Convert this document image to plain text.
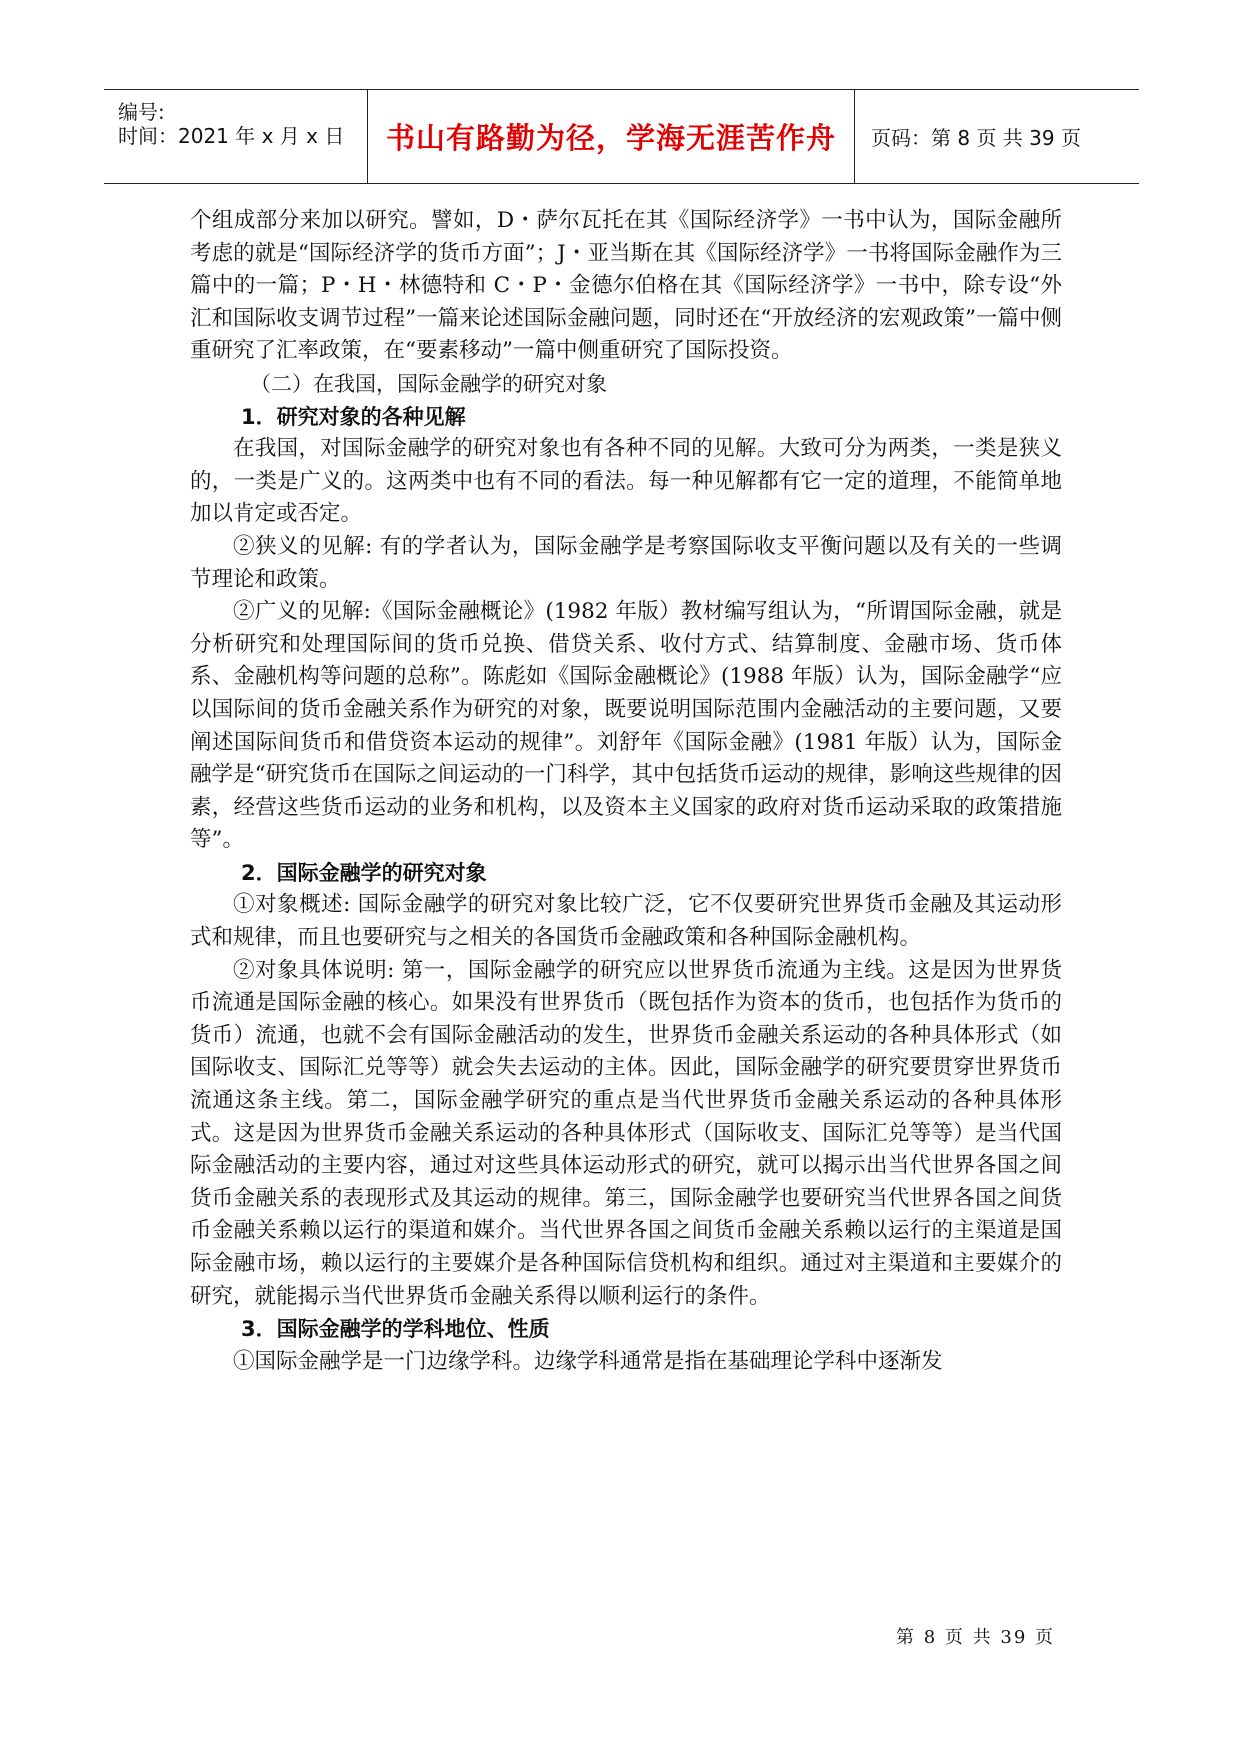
编号:
时间：2021 年 x 月 x 日 书山有路勤为径，学海无涯苦作舟 页码：第 8 页 共 39 页

个组成部分来加以研究。譬如，D・萨尔瓦托在其《国际经济学》一书中认为，国际金融所考虑的就是“国际经济学的货币方面”；J・亚当斯在其《国际经济学》一书将国际金融作为三篇中的一篇；P・H・林德特和 C・P・金德尔伯格在其《国际经济学》一书中，除专设“外汇和国际收支调节过程”一篇来论述国际金融问题，同时还在“开放经济的宏观政策”一篇中侧重研究了汇率政策，在“要素移动”一篇中侧重研究了国际投资。

（二）在我国，国际金融学的研究对象

1．研究对象的各种见解

在我国，对国际金融学的研究对象也有各种不同的见解。大致可分为两类，一类是狭义的，一类是广义的。这两类中也有不同的看法。每一种见解都有它一定的道理，不能简单地加以肯定或否定。

②狭义的见解: 有的学者认为，国际金融学是考察国际收支平衡问题以及有关的一些调节理论和政策。

②广义的见解:《国际金融概论》(1982 年版）教材编写组认为，“所谓国际金融，就是分析研究和处理国际间的货币兑换、借贷关系、收付方式、结算制度、金融市场、货币体系、金融机构等问题的总称”。陈彪如《国际金融概论》(1988 年版）认为，国际金融学“应以国际间的货币金融关系作为研究的对象，既要说明国际范围内金融活动的主要问题，又要阐述国际间货币和借贷资本运动的规律”。刘舒年《国际金融》(1981 年版）认为，国际金融学是“研究货币在国际之间运动的一门科学，其中包括货币运动的规律，影响这些规律的因素，经营这些货币运动的业务和机构，以及资本主义国家的政府对货币运动采取的政策措施等”。

2．国际金融学的研究对象

①对象概述: 国际金融学的研究对象比较广泛，它不仅要研究世界货币金融及其运动形式和规律，而且也要研究与之相关的各国货币金融政策和各种国际金融机构。

②对象具体说明: 第一，国际金融学的研究应以世界货币流通为主线。这是因为世界货币流通是国际金融的核心。如果没有世界货币（既包括作为资本的货币，也包括作为货币的货币）流通，也就不会有国际金融活动的发生，世界货币金融关系运动的各种具体形式（如国际收支、国际汇兑等等）就会失去运动的主体。因此，国际金融学的研究要贯穿世界货币流通这条主线。第二，国际金融学研究的重点是当代世界货币金融关系运动的各种具体形式。这是因为世界货币金融关系运动的各种具体形式（国际收支、国际汇兑等等）是当代国际金融活动的主要内容，通过对这些具体运动形式的研究，就可以揭示出当代世界各国之间货币金融关系的表现形式及其运动的规律。第三，国际金融学也要研究当代世界各国之间货币金融关系赖以运行的渠道和媒介。当代世界各国之间货币金融关系赖以运行的主渠道是国际金融市场，赖以运行的主要媒介是各种国际信贷机构和组织。通过对主渠道和主要媒介的研究，就能揭示当代世界货币金融关系得以顺利运行的条件。

3．国际金融学的学科地位、性质

①国际金融学是一门边缘学科。边缘学科通常是指在基础理论学科中逐渐发

第 8 页 共 39 页
